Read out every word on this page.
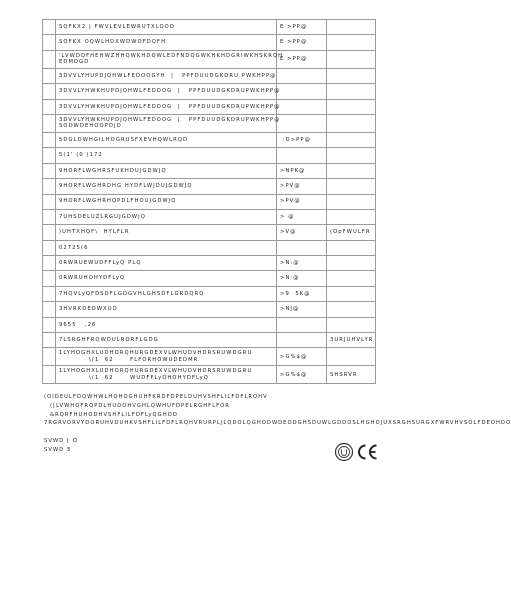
	SQFKX2 | FWVLEVLEWRUTXLOOD	E >PP@	

	SQFKX OQWLHDXWDWOFDQFH	E >PP@	

	'LVWDQFHEHWZHHQWKHDQWLEDFNDQGWKHKHDGRIWKHSKRQH
EDMDGD	E >PP@	

	3DVVLYHUPDJQHWLFEDOOGYH  |   PPFDUUDGKDRU PWKHPP@		

	3DVVLYHWKHUPDJQHWLFEDOOG  |   PPFDUUDGKDRUPWKHPP@		

	3DVVLYHWKHUPDJQHWLFEDOOG  |   PPFDUUDGKDRUPWKHPP@		

	3DVVLYHWKHUPDJQHWLFEDOOG  |   PPFDUUDGKDRUPWKHPP@
SODWDEHOOPDJD		

	5DGLDWHGILHOGRUSFXEVHQWLRQD	:D>PP@	

	5(1' (0 (172		

	9HORFLWGHRSFUKHDUJGDWJQ	>NPK@	

	9HORFLWGHRDHG HYDFLWJDUJGDWJQ	>PV@	

	9HORFLWGHRHQPDLFHOUJGDWJQ	>PV@	

	7UHSDELUZLRGUJGDWJQ	> @	

	)UHTXHQF\  HYLFLR	>V@	(OpFWULFR

	02725(6		

	0RWRUEWUDFFLyQ PLQ	>N:@	

	0RWRUHOHYDFLyQ	>N:@	

	7HQVLyQFDSDFLGDGVHLGHSDFLGRDQRQ	>9  5K@	

	3HVRKDEDWXUD	>NJ@	

	9655   ,26		

	7LSRGHFRQWDULRORFLGDG		3URJUHVLYR

	1LYHOGHXLUDHORQHURGDEXVLWHUDVHDRSRUWDGRU
\(1  62      FLFORHOWUDEDMR	>G%$@	

	1LYHOGHXLUDHORQHURGDEXVLWHUDVHDRSRUWDGRU
\(1  62      WUDFFLyQHOHYDFLyQ	>G%$@	SHSRVR
(OIDEULFDQWHWLHQHOGHUHFKRDFDPELDUHVSHFLILFDFLRQHV
([LVWHQFRQPDLHUDOHVGHLQWHUFDPELRGHFLFOR
&RQRFHUHODHVSHFLILFDFLyQGHOD
7RGRVORVYDORUHVDUHKVSHFLILFDFLRQHVRURPLJLQDOLQGHODWDEODGHSDUWLGDDOSLHGHOJUXSRGHSURGXFWRVHVSOLFDEOHDO
SVWD [ O
SVWD 5
